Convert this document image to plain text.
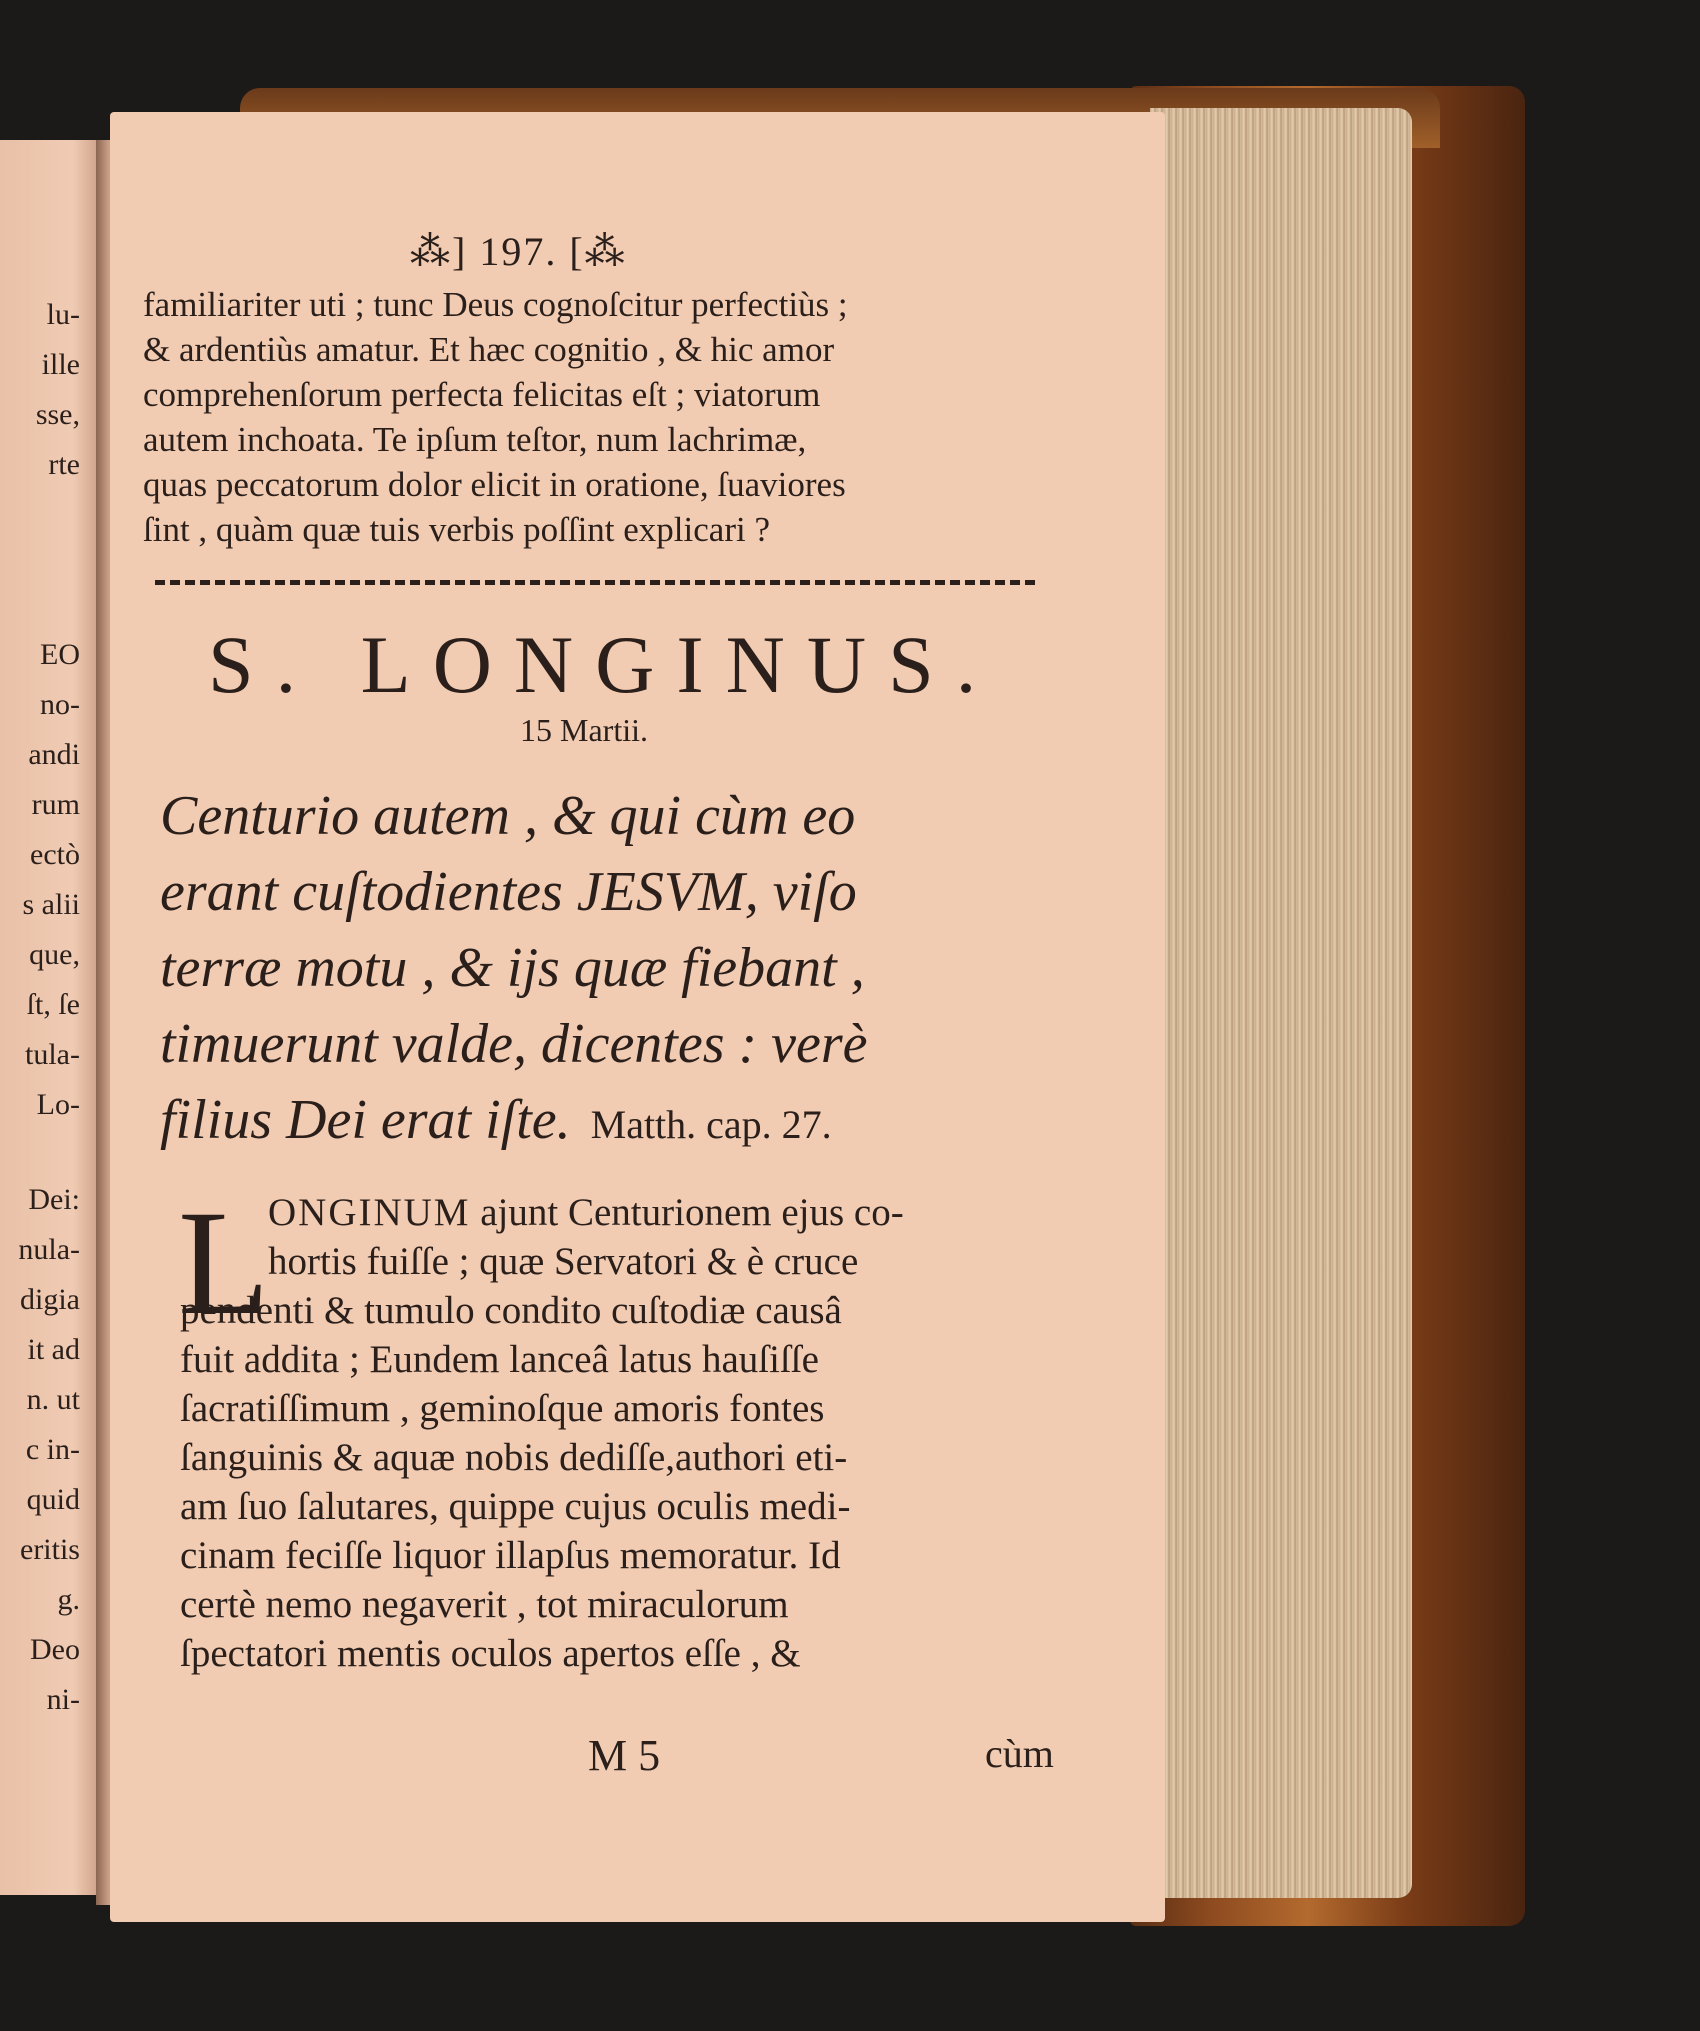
lu-
ille
sse,
rte
EO
no-
andi
rum
ectò
s alii
que,
ſt, ſe
tula-
Lo-
Dei:
nula-
digia
it ad
n. ut
c in-
quid
eritis
g.
Deo
ni-
⁂] 197. [⁂
familiariter uti ; tunc Deus cognoſcitur perfectiùs ;
& ardentiùs amatur. Et hæc cognitio , & hic amor
comprehenſorum perfecta felicitas eſt ; viatorum
autem inchoata. Te ipſum teſtor, num lachrimæ,
quas peccatorum dolor elicit in oratione, ſuaviores
ſint , quàm quæ tuis verbis poſſint explicari ?
S. LONGINUS.
15 Martii.
Centurio autem , & qui cùm eo
erant cuſtodientes JESVM, viſo
terræ motu , & ijs quæ fiebant ,
timuerunt valde, dicentes : verè
filius Dei erat iſte. Matth. cap. 27.
L
ONGINUM ajunt Centurionem ejus co-
hortis fuiſſe ; quæ Servatori & è cruce
pendenti & tumulo condito cuſtodiæ causâ
fuit addita ; Eundem lanceâ latus hauſiſſe
ſacratiſſimum , geminoſque amoris fontes
ſanguinis & aquæ nobis dediſſe,authori eti-
am ſuo ſalutares, quippe cujus oculis medi-
cinam feciſſe liquor illapſus memoratur. Id
certè nemo negaverit , tot miraculorum
ſpectatori mentis oculos apertos eſſe , &
M 5	cùm
